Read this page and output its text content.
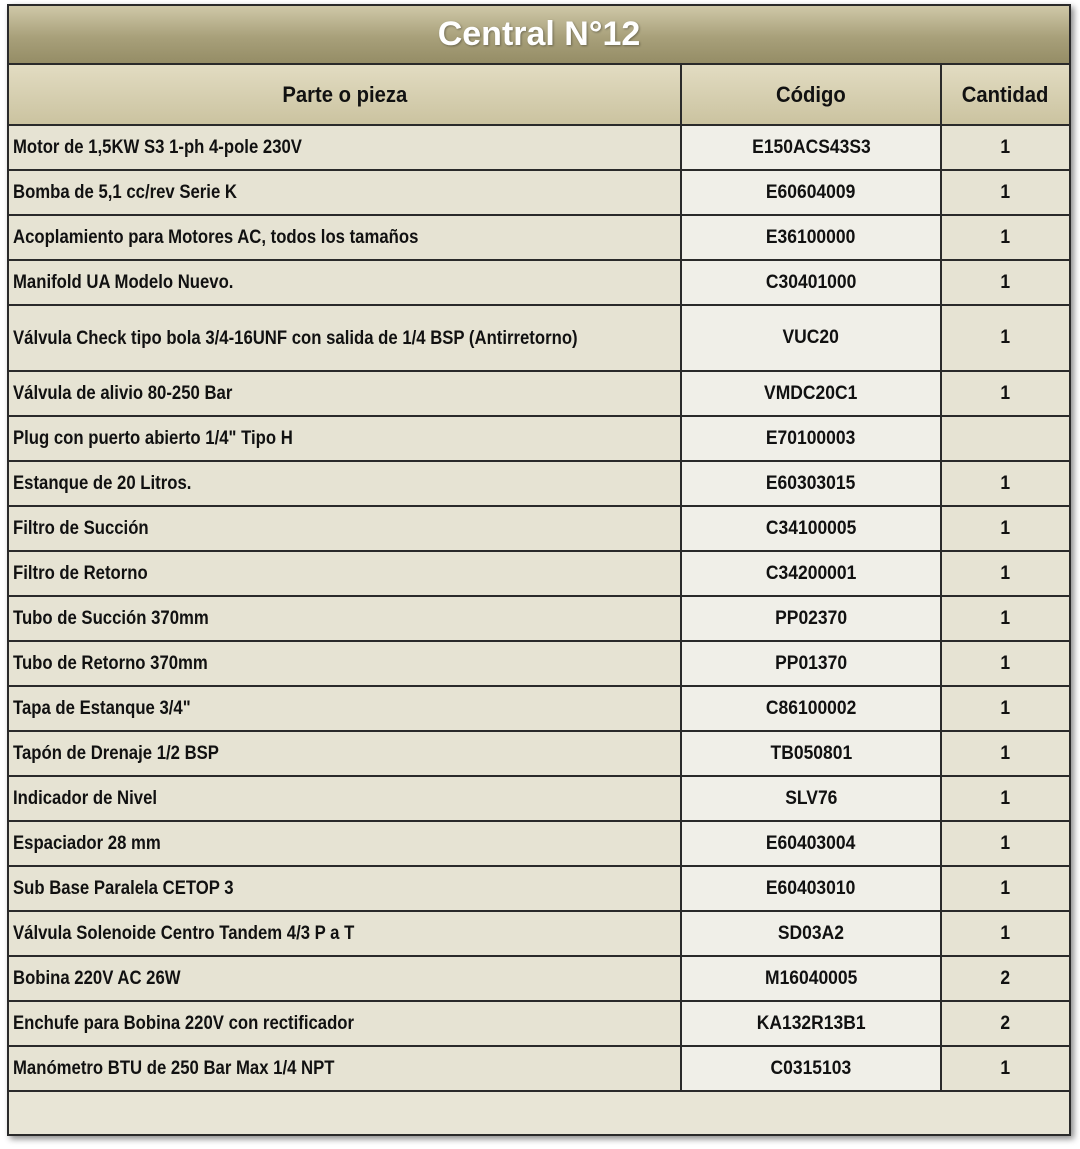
Central N°12
Parte o pieza	Código	Cantidad
Motor de 1,5KW S3 1-ph 4-pole 230V	E150ACS43S3	1
Bomba de 5,1 cc/rev Serie K	E60604009	1
Acoplamiento para Motores AC, todos los tamaños	E36100000	1
Manifold UA Modelo Nuevo.	C30401000	1

Válvula Check tipo bola 3/4-16UNF con salida de 1/4 BSP (Antirretorno)	VUC20	1
Válvula de alivio 80-250 Bar	VMDC20C1	1
Plug con puerto abierto 1/4" Tipo H	E70100003	
Estanque de 20 Litros.	E60303015	1
Filtro de Succión	C34100005	1
Filtro de Retorno	C34200001	1
Tubo de Succión 370mm	PP02370	1
Tubo de Retorno 370mm	PP01370	1
Tapa de Estanque 3/4"	C86100002	1
Tapón de Drenaje 1/2 BSP	TB050801	1
Indicador de Nivel	SLV76	1
Espaciador 28 mm	E60403004	1
Sub Base Paralela CETOP 3	E60403010	1
Válvula Solenoide Centro Tandem 4/3 P a T	SD03A2	1
Bobina 220V AC 26W	M16040005	2
Enchufe para Bobina 220V con rectificador	KA132R13B1	2
Manómetro BTU de 250 Bar Max 1/4 NPT	C0315103	1
